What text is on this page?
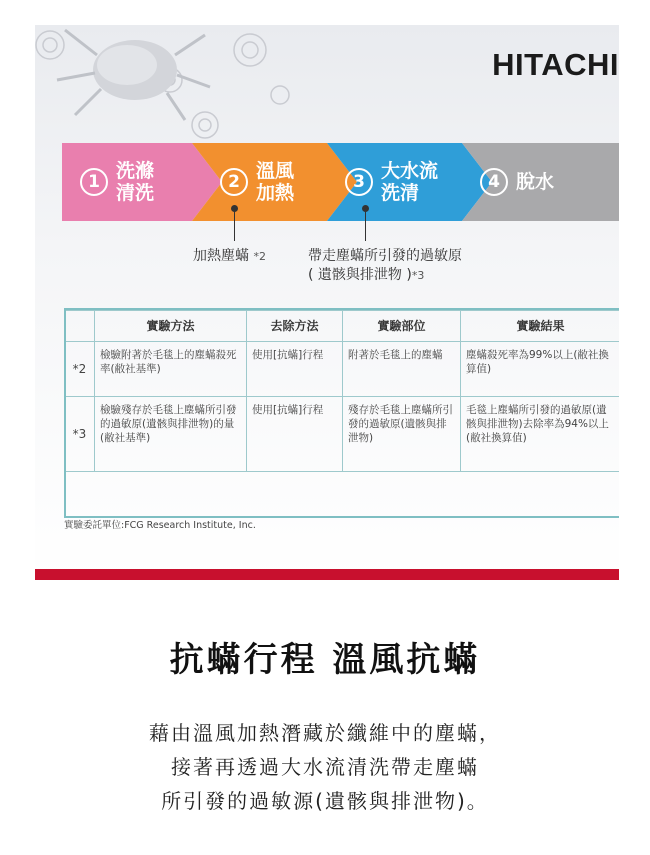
HITACHI
1 洗滌
清洗	2 溫風
加熱	3 大水流
洗清	4 脫水
加熱塵蟎 *2	帶走塵蟎所引發的過敏原
( 遺骸與排泄物 )*3
	實驗方法	去除方法	實驗部位	實驗結果
*2	檢驗附著於毛毯上的塵蟎殺死率(敝社基準)	使用[抗蟎]行程	附著於毛毯上的塵蟎	塵蟎殺死率為99%以上(敝社換算值)
*3	檢驗殘存於毛毯上塵蟎所引發的過敏原(遺骸與排泄物)的量(敝社基準)	使用[抗蟎]行程	殘存於毛毯上塵蟎所引發的過敏原(遺骸與排泄物)	毛毯上塵蟎所引發的過敏原(遺骸與排泄物)去除率為94%以上(敝社換算值)
實驗委託單位:FCG Research Institute, Inc.
抗蟎行程 溫風抗蟎
藉由溫風加熱潛藏於纖維中的塵蟎，
接著再透過大水流清洗帶走塵蟎
所引發的過敏源(遺骸與排泄物)。
